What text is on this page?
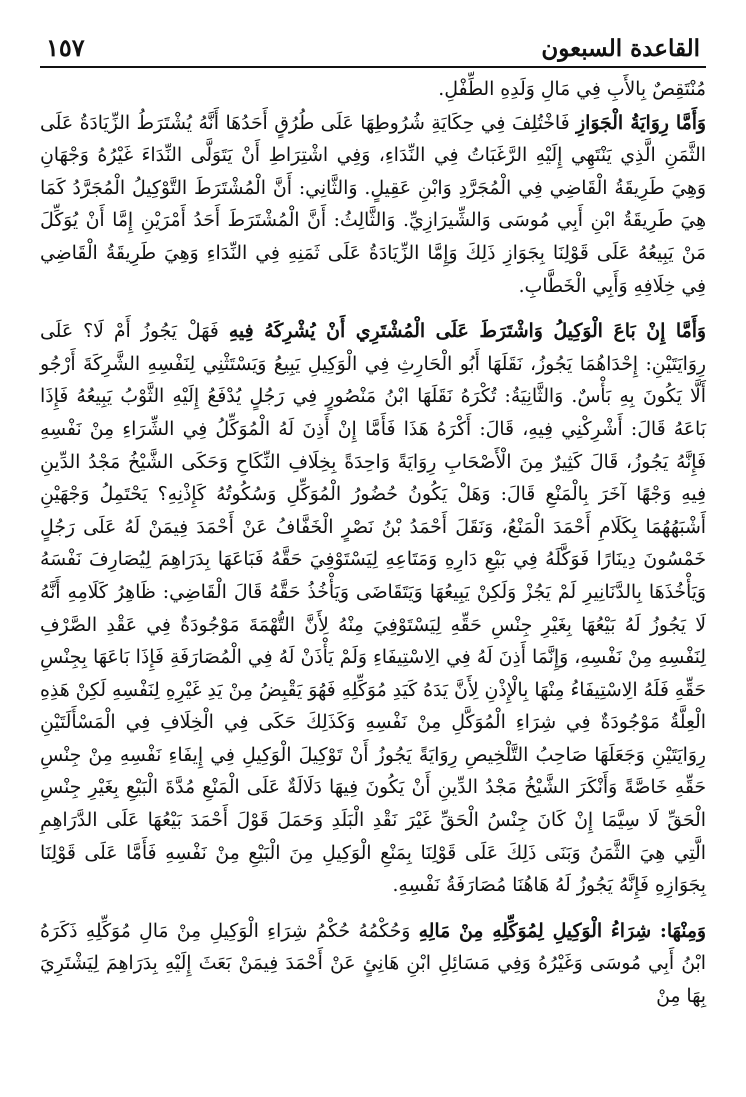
القاعدة السبعون
١٥٧

مُنْتَقِصٌ بِالأَبِ فِي مَالِ وَلَدِهِ الطِّفْلِ.

وَأَمَّا رِوَايَةُ الْجَوَازِ فَاخْتُلِفَ فِي حِكَايَةِ شُرُوطِهَا عَلَى طُرُقٍ أَحَدُهَا أَنَّهُ يُشْتَرَطُ الزِّيَادَةُ عَلَى الثَّمَنِ الَّذِي يَنْتَهِي إِلَيْهِ الرَّغَبَاتُ فِي النِّدَاءِ، وَفِي اشْتِرَاطِ أَنْ يَتَوَلَّى النِّدَاءَ غَيْرُهُ وَجْهَانِ وَهِيَ طَرِيقَةُ الْقَاضِي فِي الْمُجَرَّدِ وَابْنِ عَقِيلٍ. وَالثَّانِي: أَنَّ الْمُشْتَرَطَ التَّوْكِيلُ الْمُجَرَّدُ كَمَا هِيَ طَرِيقَةُ ابْنِ أَبِي مُوسَى وَالشِّيرَازِيِّ. وَالثَّالِثُ: أَنَّ الْمُشْتَرَطَ أَحَدُ أَمْرَيْنِ إِمَّا أَنْ يُوَكِّلَ مَنْ يَبِيعُهُ عَلَى قَوْلِنَا بِجَوَازِ ذَلِكَ وَإِمَّا الزِّيَادَةُ عَلَى ثَمَنِهِ فِي النِّدَاءِ وَهِيَ طَرِيقَةُ الْقَاضِي فِي خِلَافِهِ وَأَبِي الْخَطَّابِ.

وَأَمَّا إِنْ بَاعَ الْوَكِيلُ وَاشْتَرَطَ عَلَى الْمُشْتَرِي أَنْ يُشْرِكَهُ فِيهِ فَهَلْ يَجُوزُ أَمْ لَا؟ عَلَى رِوَايَتَيْنِ: إِحْدَاهُمَا يَجُوزُ، نَقَلَهَا أَبُو الْحَارِثِ فِي الْوَكِيلِ يَبِيعُ وَيَسْتَثْنِي لِنَفْسِهِ الشَّرِكَةَ أَرْجُو أَلَّا يَكُونَ بِهِ بَأْسٌ. وَالثَّانِيَةُ: تُكْرَهُ نَقَلَهَا ابْنُ مَنْصُورٍ فِي رَجُلٍ يُدْفَعُ إِلَيْهِ الثَّوْبُ يَبِيعُهُ فَإِذَا بَاعَهُ قَالَ: أَشْرِكْنِي فِيهِ، قَالَ: أَكْرَهُ هَذَا فَأَمَّا إِنْ أَذِنَ لَهُ الْمُوَكِّلُ فِي الشِّرَاءِ مِنْ نَفْسِهِ فَإِنَّهُ يَجُوزُ، قَالَ كَثِيرٌ مِنَ الْأَصْحَابِ رِوَايَةً وَاحِدَةً بِخِلَافِ النِّكَاحِ وَحَكَى الشَّيْخُ مَجْدُ الدِّينِ فِيهِ وَجْهًا آخَرَ بِالْمَنْعِ قَالَ: وَهَلْ يَكُونُ حُضُورُ الْمُوَكِّلِ وَسُكُوتُهُ كَإِذْنِهِ؟ يَحْتَمِلُ وَجْهَيْنِ أَشْبَهُهُمَا بِكَلَامِ أَحْمَدَ الْمَنْعُ، وَنَقَلَ أَحْمَدُ بْنُ نَصْرٍ الْخَفَّافُ عَنْ أَحْمَدَ فِيمَنْ لَهُ عَلَى رَجُلٍ خَمْسُونَ دِينَارًا فَوَكَّلَهُ فِي بَيْعِ دَارِهِ وَمَتَاعِهِ لِيَسْتَوْفِيَ حَقَّهُ فَبَاعَهَا بِدَرَاهِمَ لِيُصَارِفَ نَفْسَهُ وَيَأْخُذَهَا بِالدَّنَانِيرِ لَمْ يَجُزْ وَلَكِنْ يَبِيعُهَا وَيَتَقَاضَى وَيَأْخُذُ حَقَّهُ قَالَ الْقَاضِي: ظَاهِرُ كَلَامِهِ أَنَّهُ لَا يَجُوزُ لَهُ بَيْعُهَا بِغَيْرِ جِنْسِ حَقِّهِ لِيَسْتَوْفِيَ مِنْهُ لِأَنَّ التُّهْمَةَ مَوْجُودَةٌ فِي عَقْدِ الصَّرْفِ لِنَفْسِهِ مِنْ نَفْسِهِ، وَإِنَّمَا أَذِنَ لَهُ فِي الِاسْتِيفَاءِ وَلَمْ يَأْذَنْ لَهُ فِي الْمُصَارَفَةِ فَإِذَا بَاعَهَا بِجِنْسِ حَقِّهِ فَلَهُ الِاسْتِيفَاءُ مِنْهَا بِالْإِذْنِ لِأَنَّ يَدَهُ كَيَدِ مُوَكِّلِهِ فَهُوَ يَقْبِضُ مِنْ يَدِ غَيْرِهِ لِنَفْسِهِ لَكِنْ هَذِهِ الْعِلَّةُ مَوْجُودَةٌ فِي شِرَاءِ الْمُوَكَّلِ مِنْ نَفْسِهِ وَكَذَلِكَ حَكَى فِي الْخِلَافِ فِي الْمَسْأَلَتَيْنِ رِوَايَتَيْنِ وَجَعَلَهَا صَاحِبُ التَّلْخِيصِ رِوَايَةً يَجُوزُ أَنْ تَوْكِيلَ الْوَكِيلِ فِي إِيفَاءِ نَفْسِهِ مِنْ جِنْسِ حَقِّهِ خَاصَّةً وَأَنْكَرَ الشَّيْخُ مَجْدُ الدِّينِ أَنْ يَكُونَ فِيهَا دَلَالَةٌ عَلَى الْمَنْعِ مُدَّةَ الْبَيْعِ بِغَيْرِ جِنْسِ الْحَقِّ لَا سِيَّمَا إِنْ كَانَ جِنْسُ الْحَقِّ غَيْرَ نَقْدِ الْبَلَدِ وَحَمَلَ قَوْلَ أَحْمَدَ بَيْعُهَا عَلَى الدَّرَاهِمِ الَّتِي هِيَ الثَّمَنُ وَبَنَى ذَلِكَ عَلَى قَوْلِنَا بِمَنْعِ الْوَكِيلِ مِنَ الْبَيْعِ مِنْ نَفْسِهِ فَأَمَّا عَلَى قَوْلِنَا بِجَوَازِهِ فَإِنَّهُ يَجُوزُ لَهُ هَاهُنَا مُصَارَفَةُ نَفْسِهِ.

وَمِنْهَا: شِرَاءُ الْوَكِيلِ لِمُوَكِّلِهِ مِنْ مَالِهِ وَحُكْمُهُ حُكْمُ شِرَاءِ الْوَكِيلِ مِنْ مَالِ مُوَكِّلِهِ ذَكَرَهُ ابْنُ أَبِي مُوسَى وَغَيْرُهُ وَفِي مَسَائِلِ ابْنِ هَانِئٍ عَنْ أَحْمَدَ فِيمَنْ بَعَثَ إِلَيْهِ بِدَرَاهِمَ لِيَشْتَرِيَ بِهَا مِنْ
